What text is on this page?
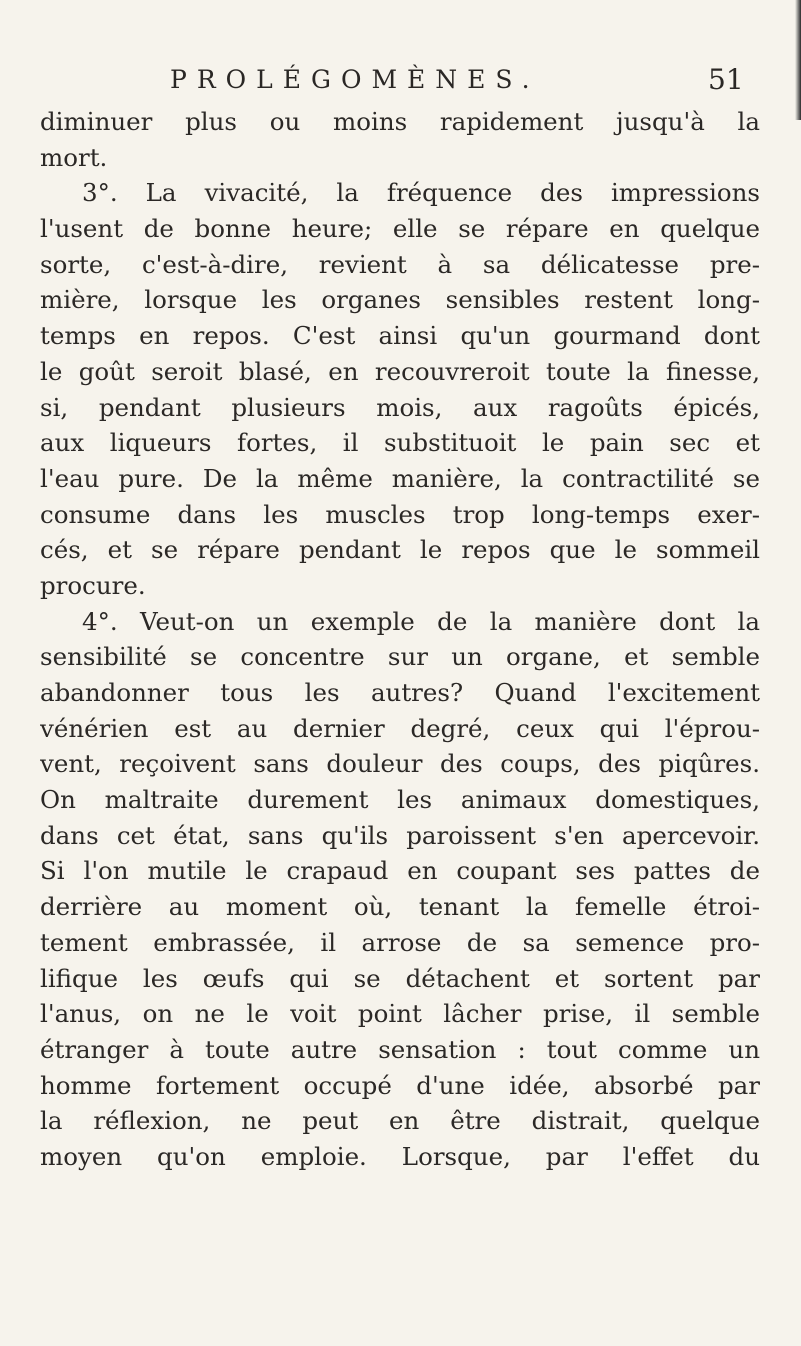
PROLÉGOMÈNES.	51
diminuer plus ou moins rapidement jusqu'à la
mort.
3°. La vivacité, la fréquence des impressions
l'usent de bonne heure; elle se répare en quelque
sorte, c'est-à-dire, revient à sa délicatesse pre-
mière, lorsque les organes sensibles restent long-
temps en repos. C'est ainsi qu'un gourmand dont
le goût seroit blasé, en recouvreroit toute la finesse,
si, pendant plusieurs mois, aux ragoûts épicés,
aux liqueurs fortes, il substituoit le pain sec et
l'eau pure. De la même manière, la contractilité se
consume dans les muscles trop long-temps exer-
cés, et se répare pendant le repos que le sommeil
procure.
4°. Veut-on un exemple de la manière dont la
sensibilité se concentre sur un organe, et semble
abandonner tous les autres? Quand l'excitement
vénérien est au dernier degré, ceux qui l'éprou-
vent, reçoivent sans douleur des coups, des piqûres.
On maltraite durement les animaux domestiques,
dans cet état, sans qu'ils paroissent s'en apercevoir.
Si l'on mutile le crapaud en coupant ses pattes de
derrière au moment où, tenant la femelle étroi-
tement embrassée, il arrose de sa semence pro-
lifique les œufs qui se détachent et sortent par
l'anus, on ne le voit point lâcher prise, il semble
étranger à toute autre sensation : tout comme un
homme fortement occupé d'une idée, absorbé par
la réflexion, ne peut en être distrait, quelque
moyen qu'on emploie. Lorsque, par l'effet du
